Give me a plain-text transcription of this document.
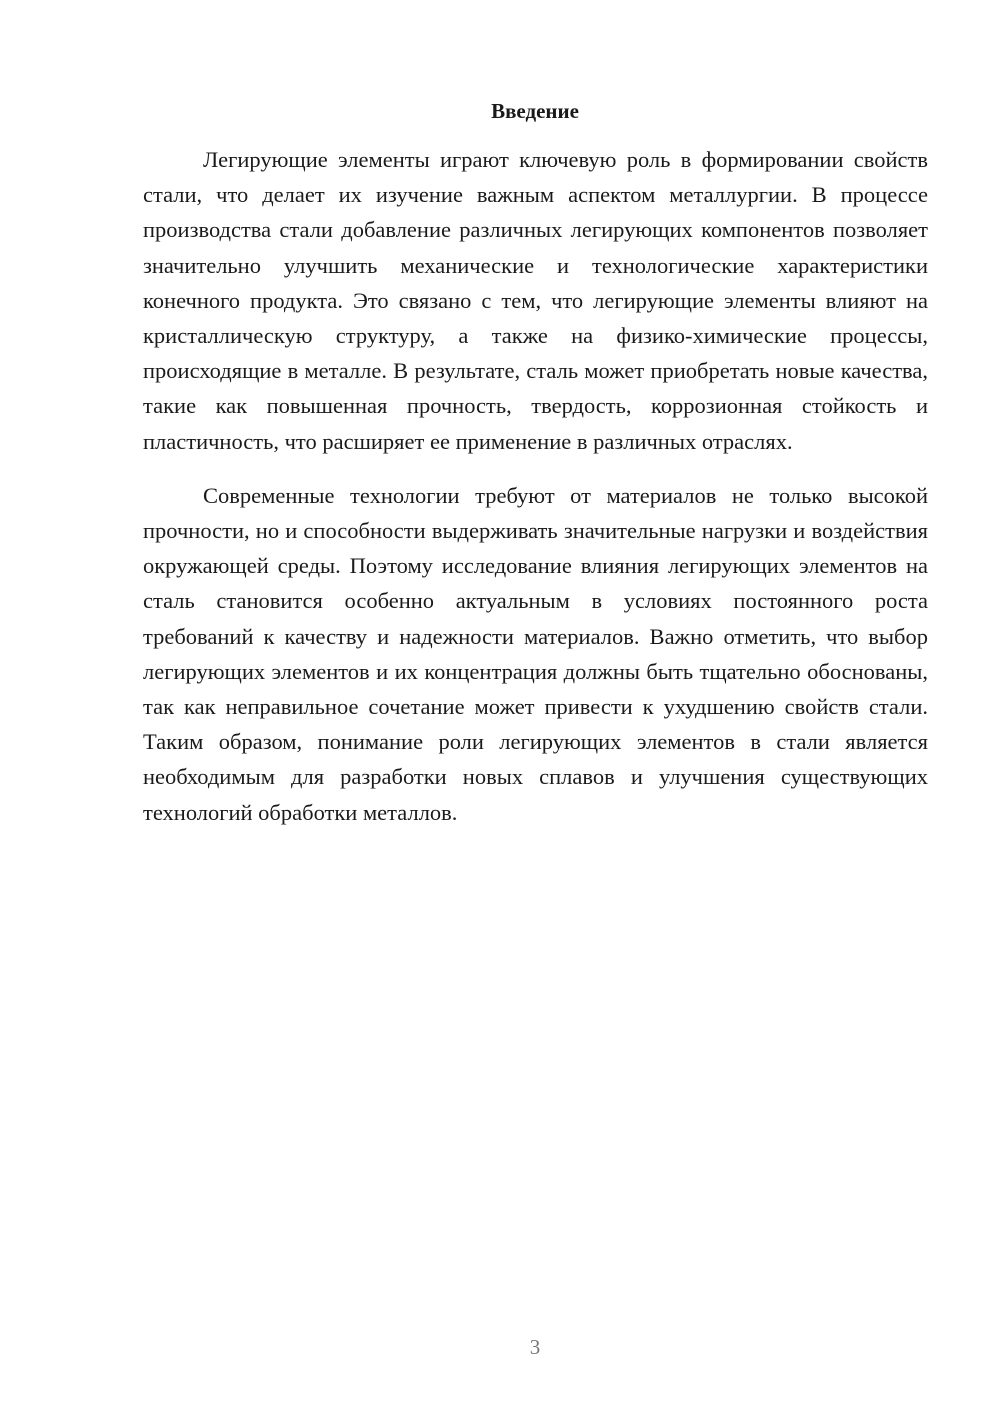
Введение

Легирующие элементы играют ключевую роль в формировании свойств стали, что делает их изучение важным аспектом металлургии. В процессе производства стали добавление различных легирующих компонентов позволяет значительно улучшить механические и технологические характеристики конечного продукта. Это связано с тем, что легирующие элементы влияют на кристаллическую структуру, а также на физико-химические процессы, происходящие в металле. В результате, сталь может приобретать новые качества, такие как повышенная прочность, твердость, коррозионная стойкость и пластичность, что расширяет ее применение в различных отраслях.

Современные технологии требуют от материалов не только высокой прочности, но и способности выдерживать значительные нагрузки и воздействия окружающей среды. Поэтому исследование влияния легирующих элементов на сталь становится особенно актуальным в условиях постоянного роста требований к качеству и надежности материалов. Важно отметить, что выбор легирующих элементов и их концентрация должны быть тщательно обоснованы, так как неправильное сочетание может привести к ухудшению свойств стали. Таким образом, понимание роли легирующих элементов в стали является необходимым для разработки новых сплавов и улучшения существующих технологий обработки металлов.

3
